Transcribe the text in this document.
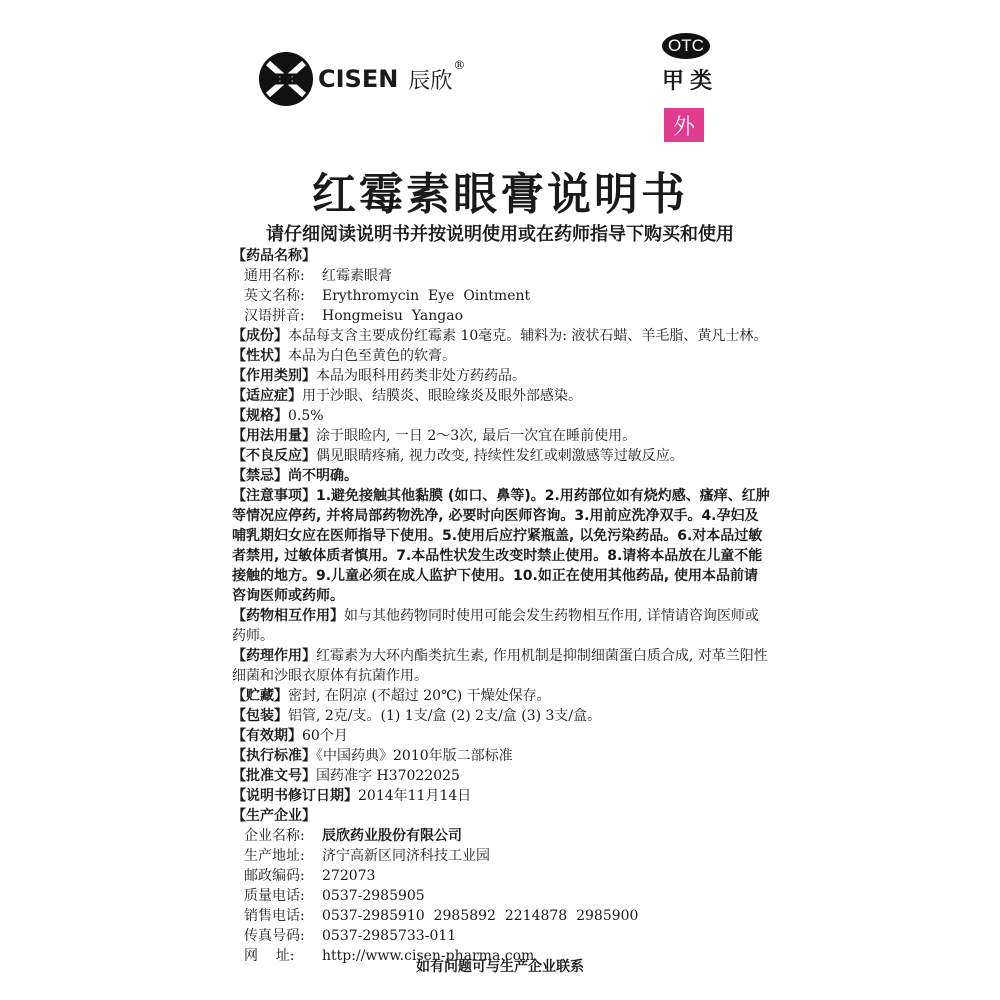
CISEN 辰欣
®
OTC
甲类
外
红霉素眼膏说明书
请仔细阅读说明书并按说明使用或在药师指导下购买和使用

【药品名称】

通用名称: 红霉素眼膏

英文名称: Erythromycin  Eye  Ointment

汉语拼音: Hongmeisu  Yangao

【成份】本品每支含主要成份红霉素 10毫克。辅料为: 液状石蜡、羊毛脂、黄凡士林。

【性状】本品为白色至黄色的软膏。

【作用类别】本品为眼科用药类非处方药药品。

【适应症】用于沙眼、结膜炎、眼睑缘炎及眼外部感染。

【规格】0.5%

【用法用量】涂于眼睑内, 一日 2～3次, 最后一次宜在睡前使用。

【不良反应】偶见眼睛疼痛, 视力改变, 持续性发红或刺激感等过敏反应。

【禁忌】尚不明确。

【注意事项】1.避免接触其他黏膜 (如口、鼻等)。2.用药部位如有烧灼感、瘙痒、红肿等情况应停药, 并将局部药物洗净, 必要时向医师咨询。3.用前应洗净双手。4.孕妇及哺乳期妇女应在医师指导下使用。5.使用后应拧紧瓶盖, 以免污染药品。6.对本品过敏者禁用, 过敏体质者慎用。7.本品性状发生改变时禁止使用。8.请将本品放在儿童不能接触的地方。9.儿童必须在成人监护下使用。10.如正在使用其他药品, 使用本品前请咨询医师或药师。

【药物相互作用】如与其他药物同时使用可能会发生药物相互作用, 详情请咨询医师或药师。

【药理作用】红霉素为大环内酯类抗生素, 作用机制是抑制细菌蛋白质合成, 对革兰阳性细菌和沙眼衣原体有抗菌作用。

【贮藏】密封, 在阴凉 (不超过 20℃) 干燥处保存。

【包装】铝管, 2克/支。(1) 1支/盒 (2) 2支/盒 (3) 3支/盒。

【有效期】60个月

【执行标准】《中国药典》2010年版二部标准

【批准文号】国药准字 H37022025

【说明书修订日期】2014年11月14日

【生产企业】

企业名称: 辰欣药业股份有限公司

生产地址: 济宁高新区同济科技工业园

邮政编码: 272073

质量电话: 0537-2985905

销售电话: 0537-2985910  2985892  2214878  2985900

传真号码: 0537-2985733-011

网    址: http://www.cisen-pharma.com

如有问题可与生产企业联系
